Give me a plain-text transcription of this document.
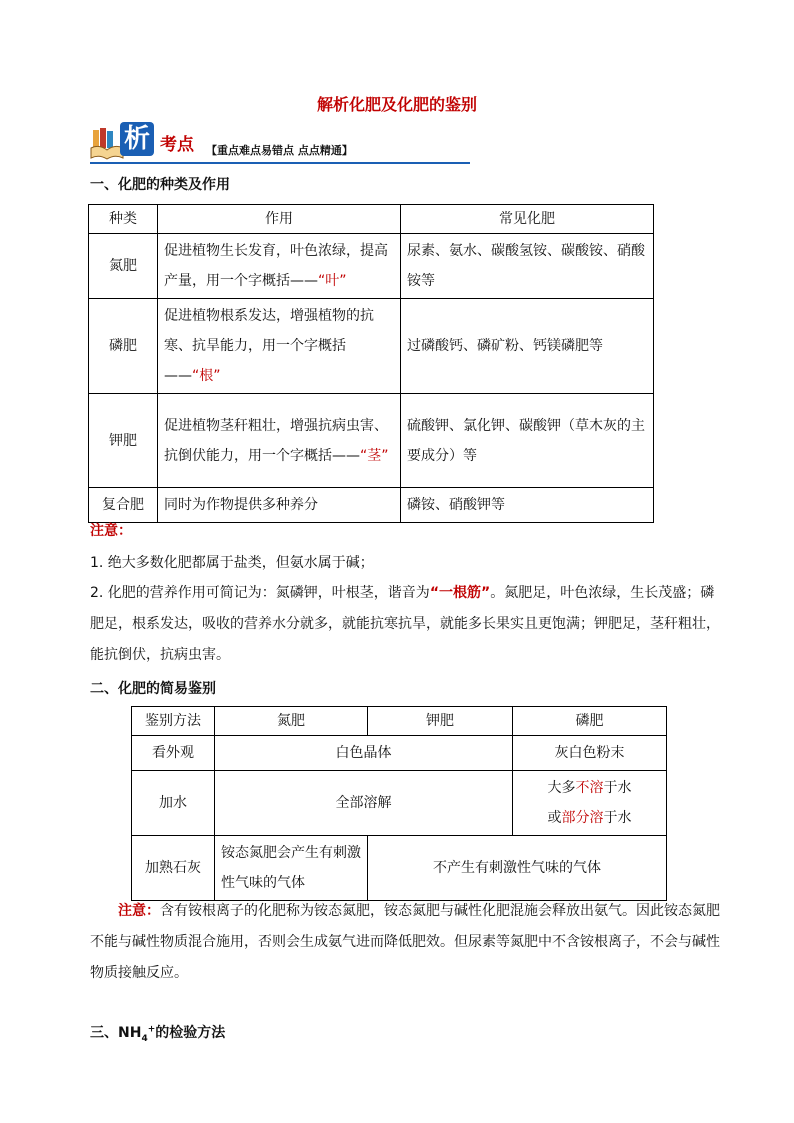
解析化肥及化肥的鉴别
析 考点 【重点难点易错点 点点精通】
一、化肥的种类及作用
种类	作用	常见化肥
氮肥	促进植物生长发育，叶色浓绿，提高产量，用一个字概括——“叶”	尿素、氨水、碳酸氢铵、碳酸铵、硝酸铵等
磷肥	促进植物根系发达，增强植物的抗寒、抗旱能力，用一个字概括——“根”	过磷酸钙、磷矿粉、钙镁磷肥等
钾肥	促进植物茎秆粗壮，增强抗病虫害、抗倒伏能力，用一个字概括——“茎”	硫酸钾、氯化钾、碳酸钾（草木灰的主要成分）等
复合肥	同时为作物提供多种养分	磷铵、硝酸钾等
注意：
1. 绝大多数化肥都属于盐类，但氨水属于碱；
2. 化肥的营养作用可简记为：氮磷钾，叶根茎，谐音为“一根筋”。氮肥足，叶色浓绿，生长茂盛；磷肥足，根系发达，吸收的营养水分就多，就能抗寒抗旱，就能多长果实且更饱满；钾肥足，茎秆粗壮，能抗倒伏，抗病虫害。
二、化肥的简易鉴别
鉴别方法	氮肥	钾肥	磷肥
看外观	白色晶体		灰白色粉末
加水	全部溶解		大多不溶于水
或部分溶于水

加熟石灰	铵态氮肥会产生有刺激性气味的气体	不产生有刺激性气味的气体	
注意：含有铵根离子的化肥称为铵态氮肥，铵态氮肥与碱性化肥混施会释放出氨气。因此铵态氮肥不能与碱性物质混合施用，否则会生成氨气进而降低肥效。但尿素等氮肥中不含铵根离子，不会与碱性物质接触反应。
三、$NH_4^+$的检验方法
